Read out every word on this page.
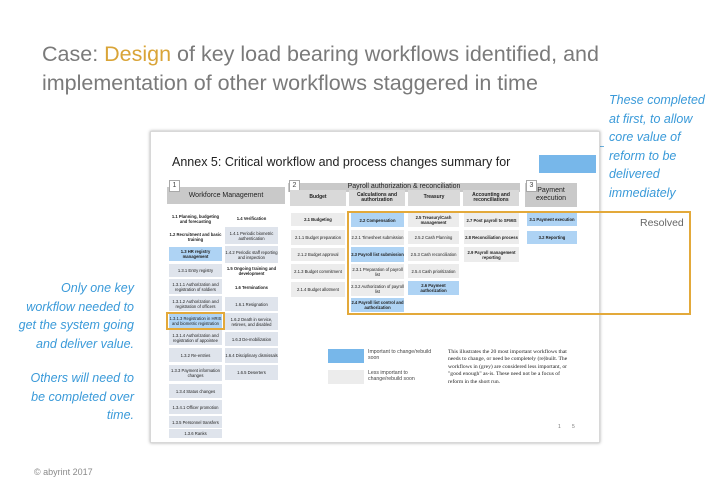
Case: Design of key load bearing workflows identified, and implementation of other workflows staggered in time
These completed at first, to allow core value of reform to be delivered immediately
Only one key workflow needed to get the system going and deliver value.
Others will need to be completed over time.
Annex 5: Critical workflow and process changes summary for
Workforce Management
1	Payroll authorization & reconciliation
2
Payment execution
3
Budget	Calculations and authorization	Treasury	Accounting and reconciliations
1.1 Planning, budgeting and forecasting
1.2 Recruitment and basic training
1.3 HR registry management
1.3.1 Entry registry
1.3.1.1 Authorization and registration of soldiers
1.3.1.2 Authorization and registration of officers
1.3.1.3 Registration in HRIS and biometric registration
1.3.1.4 Authorization and registration of appointee
1.3.2 Re-entries
1.3.3 Payment information changes
1.3.4 Status changes
1.3.4.1 Officer promotion
1.3.5 Personnel transfers
1.3.6 Ranks
1.4 Verification
1.4.1 Periodic biometric authentication
1.4.2 Periodic staff reporting and inspection
1.5 Ongoing training and development
1.6 Terminations
1.6.1 Resignation
1.6.2 Death in service, retirees, and disabled
1.6.3 De-mobilization
1.6.4 Disciplinary dismissals
1.6.5 Deserters
2.1 Budgeting
2.1.1 Budget preparation
2.1.2 Budget approval
2.1.3 Budget commitment
2.1.4 Budget allotment
2.2 Compensation
2.2.1 Timesheet submission
2.3 Payroll list submission
2.3.1 Preparation of payroll list
2.3.2 Authorization of payroll list
2.4 Payroll list control and authorization
2.5 Treasury/Cash management
2.5.2 Cash Planning
2.5.3 Cash reconciliation
2.5.4 Cash prioritization
2.6 Payment authorization
2.7 Post payroll to SFMIS
2.8 Reconciliation process
2.9 Payroll management reporting
3.1 Payment execution
3.2 Reporting
Resolved
Important to change/rebuild soon
Less important to change/rebuild soon
This illustrates the 20 most important workflows that needs to change, or need be completely (re)built. The workflows in (grey) are considered less important, or "good enough" as-is. These need not be a focus of reform in the short run.
1 5
© abyrint 2017
